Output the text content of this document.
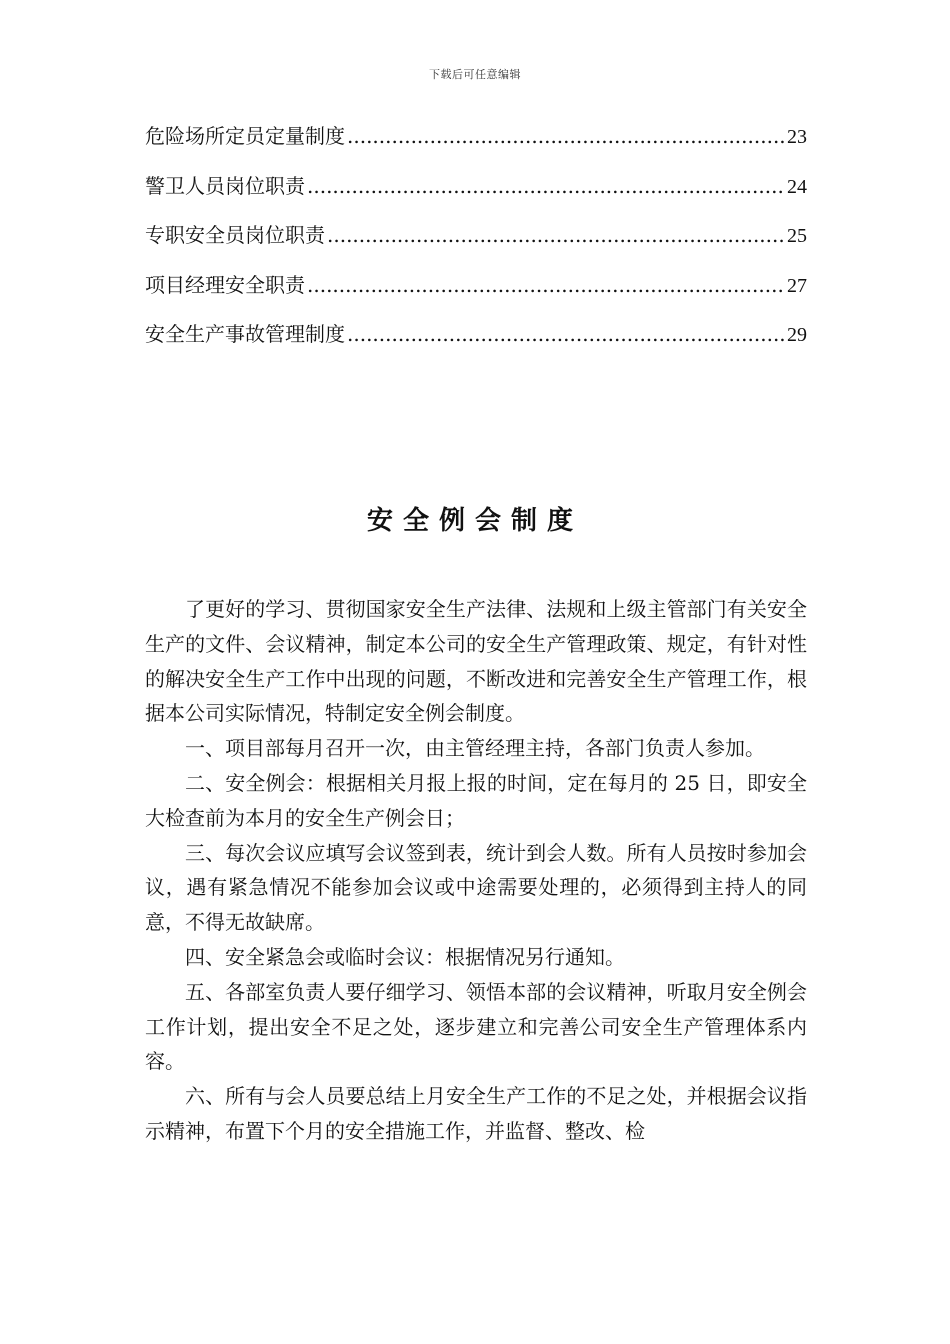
下载后可任意编辑
危险场所定员定量制度 .....	23
警卫人员岗位职责 .....	24
专职安全员岗位职责 .....	25
项目经理安全职责 .....	27
安全生产事故管理制度 .....	29
安全例会制度

了更好的学习、贯彻国家安全生产法律、法规和上级主管部门有关安全生产的文件、会议精神，制定本公司的安全生产管理政策、规定，有针对性的解决安全生产工作中出现的问题，不断改进和完善安全生产管理工作，根据本公司实际情况，特制定安全例会制度。

一、项目部每月召开一次，由主管经理主持，各部门负责人参加。

二、安全例会：根据相关月报上报的时间，定在每月的 25 日，即安全大检查前为本月的安全生产例会日；

三、每次会议应填写会议签到表，统计到会人数。所有人员按时参加会议，遇有紧急情况不能参加会议或中途需要处理的，必须得到主持人的同意，不得无故缺席。

四、安全紧急会或临时会议：根据情况另行通知。

五、各部室负责人要仔细学习、领悟本部的会议精神，听取月安全例会工作计划，提出安全不足之处，逐步建立和完善公司安全生产管理体系内容。

六、所有与会人员要总结上月安全生产工作的不足之处，并根据会议指示精神，布置下个月的安全措施工作，并监督、整改、检
